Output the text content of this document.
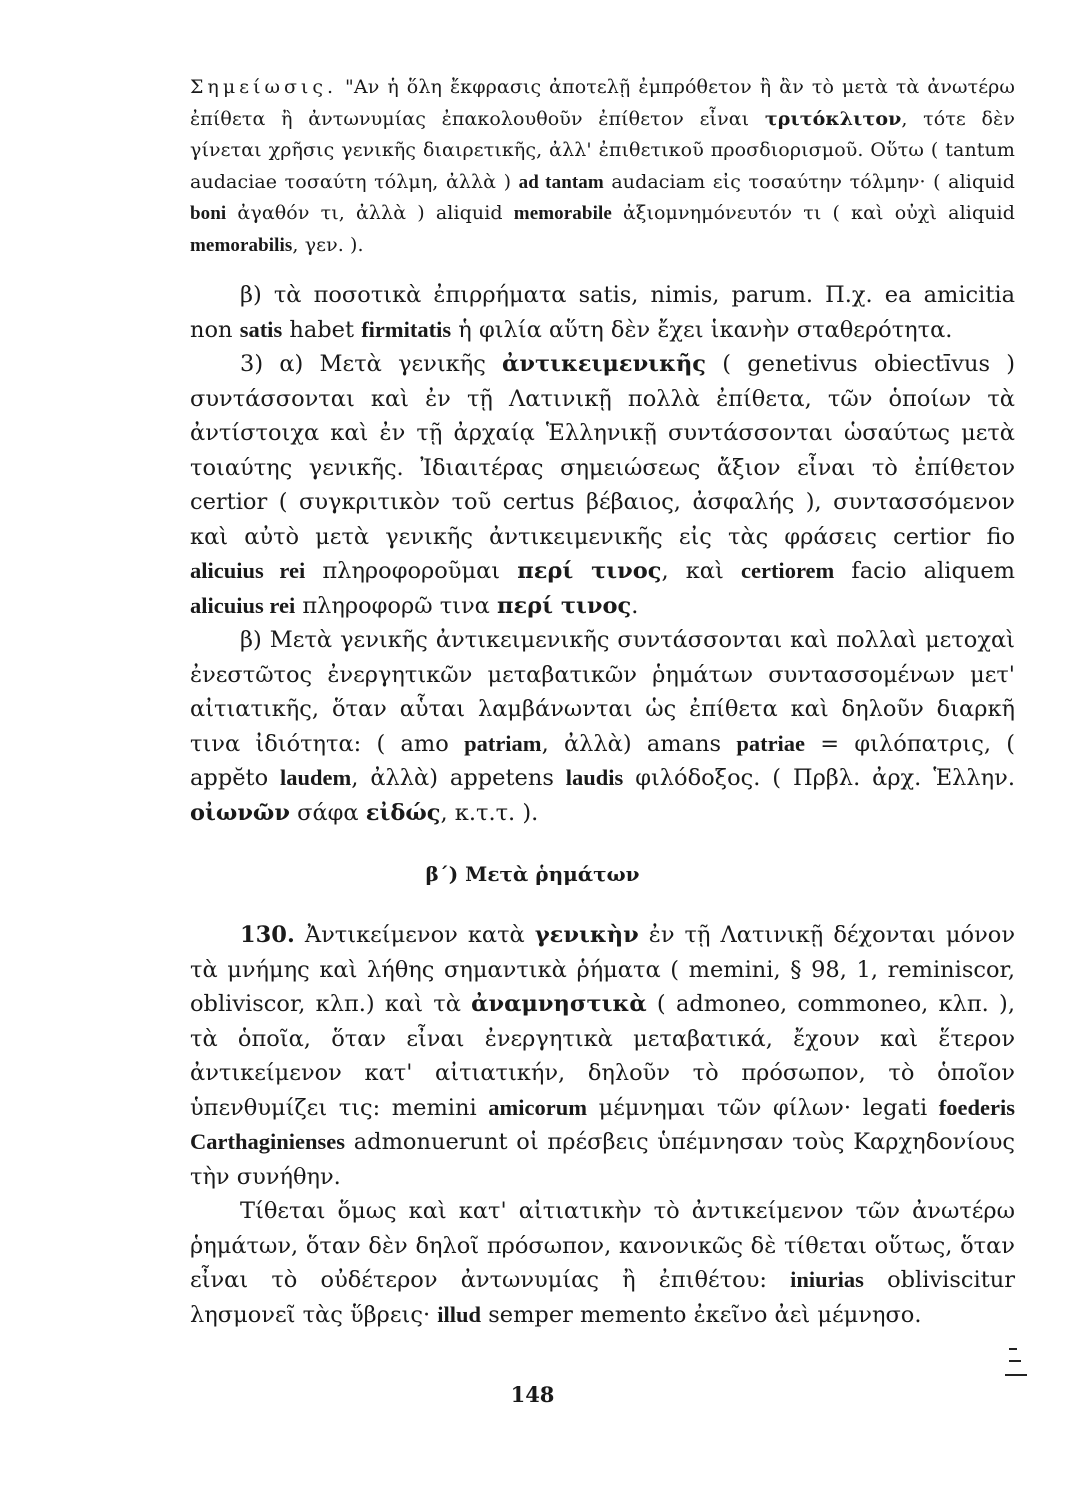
Σημείωσις. "Αν ἡ ὅλη ἔκφρασις ἀποτελῇ ἐμπρόθετον ἢ ἂν τὸ μετὰ τὰ ἀνωτέρω ἐπίθετα ἢ ἀντωνυμίας ἐπακολουθοῦν ἐπίθετον εἶναι τριτόκλιτον, τότε δὲν γίνεται χρῆσις γενικῆς διαιρετικῆς, ἀλλ' ἐπιθετικοῦ προσδιορισμοῦ. Οὕτω ( tantum audaciae τοσαύτη τόλμη, ἀλλὰ ) ad tantam audaciam εἰς τοσαύτην τόλμην· ( aliquid boni ἀγαθόν τι, ἀλλὰ ) aliquid memorabile ἀξιομνημόνευτόν τι ( καὶ οὐχὶ aliquid memorabilis, γεν. ).

β) τὰ ποσοτικὰ ἐπιρρήματα satis, nimis, parum. Π.χ. ea amicitia non satis habet firmitatis ἡ φιλία αὕτη δὲν ἔχει ἱκανὴν σταθερότητα.

3) α) Μετὰ γενικῆς ἀντικειμενικῆς ( genetivus obiectīvus ) συντάσσονται καὶ ἐν τῇ Λατινικῇ πολλὰ ἐπίθετα, τῶν ὁποίων τὰ ἀντίστοιχα καὶ ἐν τῇ ἀρχαίᾳ Ἑλληνικῇ συντάσσονται ὡσαύτως μετὰ τοιαύτης γενικῆς. Ἰδιαιτέρας σημειώσεως ἄξιον εἶναι τὸ ἐπίθετον certior ( συγκριτικὸν τοῦ certus βέβαιος, ἀσφαλής ), συντασσόμενον καὶ αὐτὸ μετὰ γενικῆς ἀντικειμενικῆς εἰς τὰς φράσεις certior fio alicuius rei πληροφοροῦμαι περί τινος, καὶ certiorem facio aliquem alicuius rei πληροφορῶ τινα περί τινος.

β) Μετὰ γενικῆς ἀντικειμενικῆς συντάσσονται καὶ πολλαὶ μετοχαὶ ἐνεστῶτος ἐνεργητικῶν μεταβατικῶν ῥημάτων συντασσομένων μετ' αἰτιατικῆς, ὅταν αὗται λαμβάνωνται ὡς ἐπίθετα καὶ δηλοῦν διαρκῆ τινα ἰδιότητα: ( amo patriam, ἀλλὰ) amans patriae = φιλόπατρις, ( appĕto laudem, ἀλλὰ) appetens laudis φιλόδοξος. ( Πρβλ. ἀρχ. Ἑλλην. οἰωνῶν σάφα εἰδώς, κ.τ.τ. ).

β΄) Μετὰ ῥημάτων

130. Ἀντικείμενον κατὰ γενικὴν ἐν τῇ Λατινικῇ δέχονται μόνον τὰ μνήμης καὶ λήθης σημαντικὰ ῥήματα ( memini, § 98, 1, reminiscor, obliviscor, κλπ.) καὶ τὰ ἀναμνηστικὰ ( admoneo, commoneo, κλπ. ), τὰ ὁποῖα, ὅταν εἶναι ἐνεργητικὰ μεταβατικά, ἔχουν καὶ ἕτερον ἀντικείμενον κατ' αἰτιατικήν, δηλοῦν τὸ πρόσωπον, τὸ ὁποῖον ὑπενθυμίζει τις: memini amicorum μέμνημαι τῶν φίλων· legati foederis Carthaginienses admonuerunt οἱ πρέσβεις ὑπέμνησαν τοὺς Καρχηδονίους τὴν συνήθην.

Τίθεται ὅμως καὶ κατ' αἰτιατικὴν τὸ ἀντικείμενον τῶν ἀνωτέρω ῥημάτων, ὅταν δὲν δηλοῖ πρόσωπον, κανονικῶς δὲ τίθεται οὕτως, ὅταν εἶναι τὸ οὐδέτερον ἀντωνυμίας ἢ ἐπιθέτου: iniurias obliviscitur λησμονεῖ τὰς ὕβρεις· illud semper memento ἐκεῖνο ἀεὶ μέμνησο.

148
